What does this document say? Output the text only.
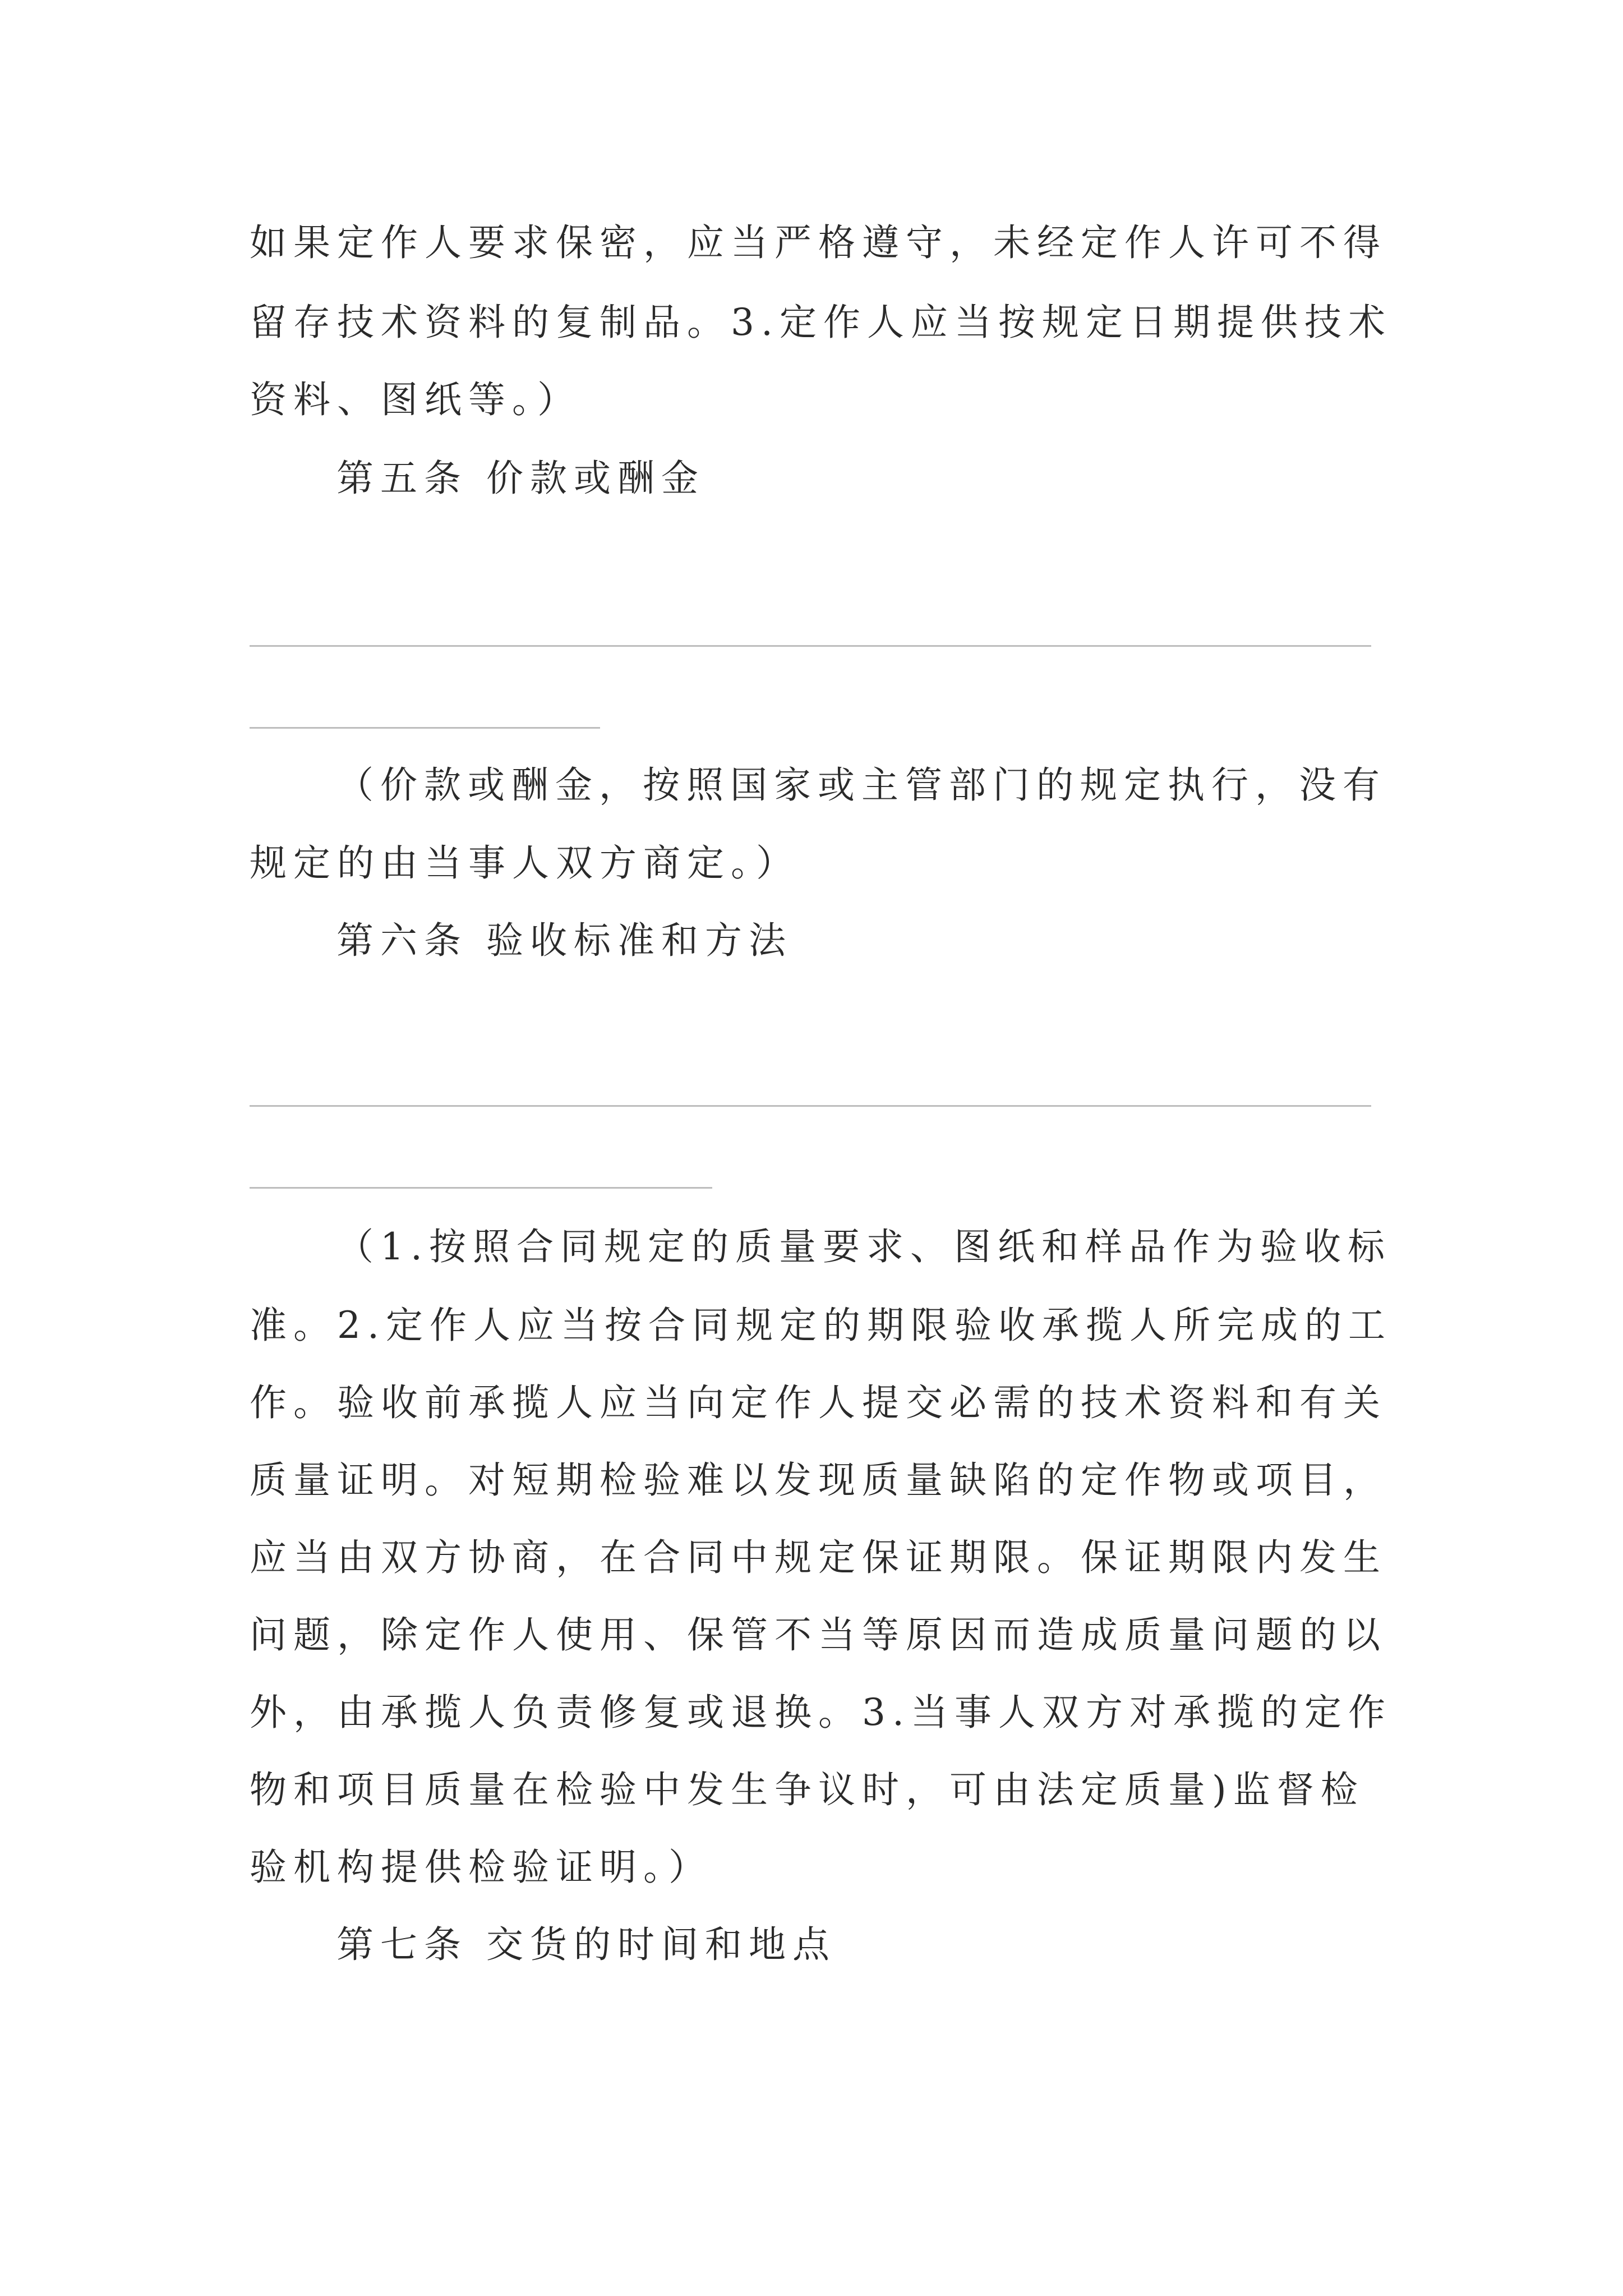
如果定作人要求保密，应当严格遵守，未经定作人许可不得
留存技术资料的复制品。3.定作人应当按规定日期提供技术
资料、图纸等。）
第五条 价款或酬金
（价款或酬金，按照国家或主管部门的规定执行，没有
规定的由当事人双方商定。）
第六条 验收标准和方法
（1.按照合同规定的质量要求、图纸和样品作为验收标
准。2.定作人应当按合同规定的期限验收承揽人所完成的工
作。验收前承揽人应当向定作人提交必需的技术资料和有关
质量证明。对短期检验难以发现质量缺陷的定作物或项目，
应当由双方协商，在合同中规定保证期限。保证期限内发生
问题，除定作人使用、保管不当等原因而造成质量问题的以
外，由承揽人负责修复或退换。3.当事人双方对承揽的定作
物和项目质量在检验中发生争议时，可由法定质量)监督检
验机构提供检验证明。）
第七条 交货的时间和地点
